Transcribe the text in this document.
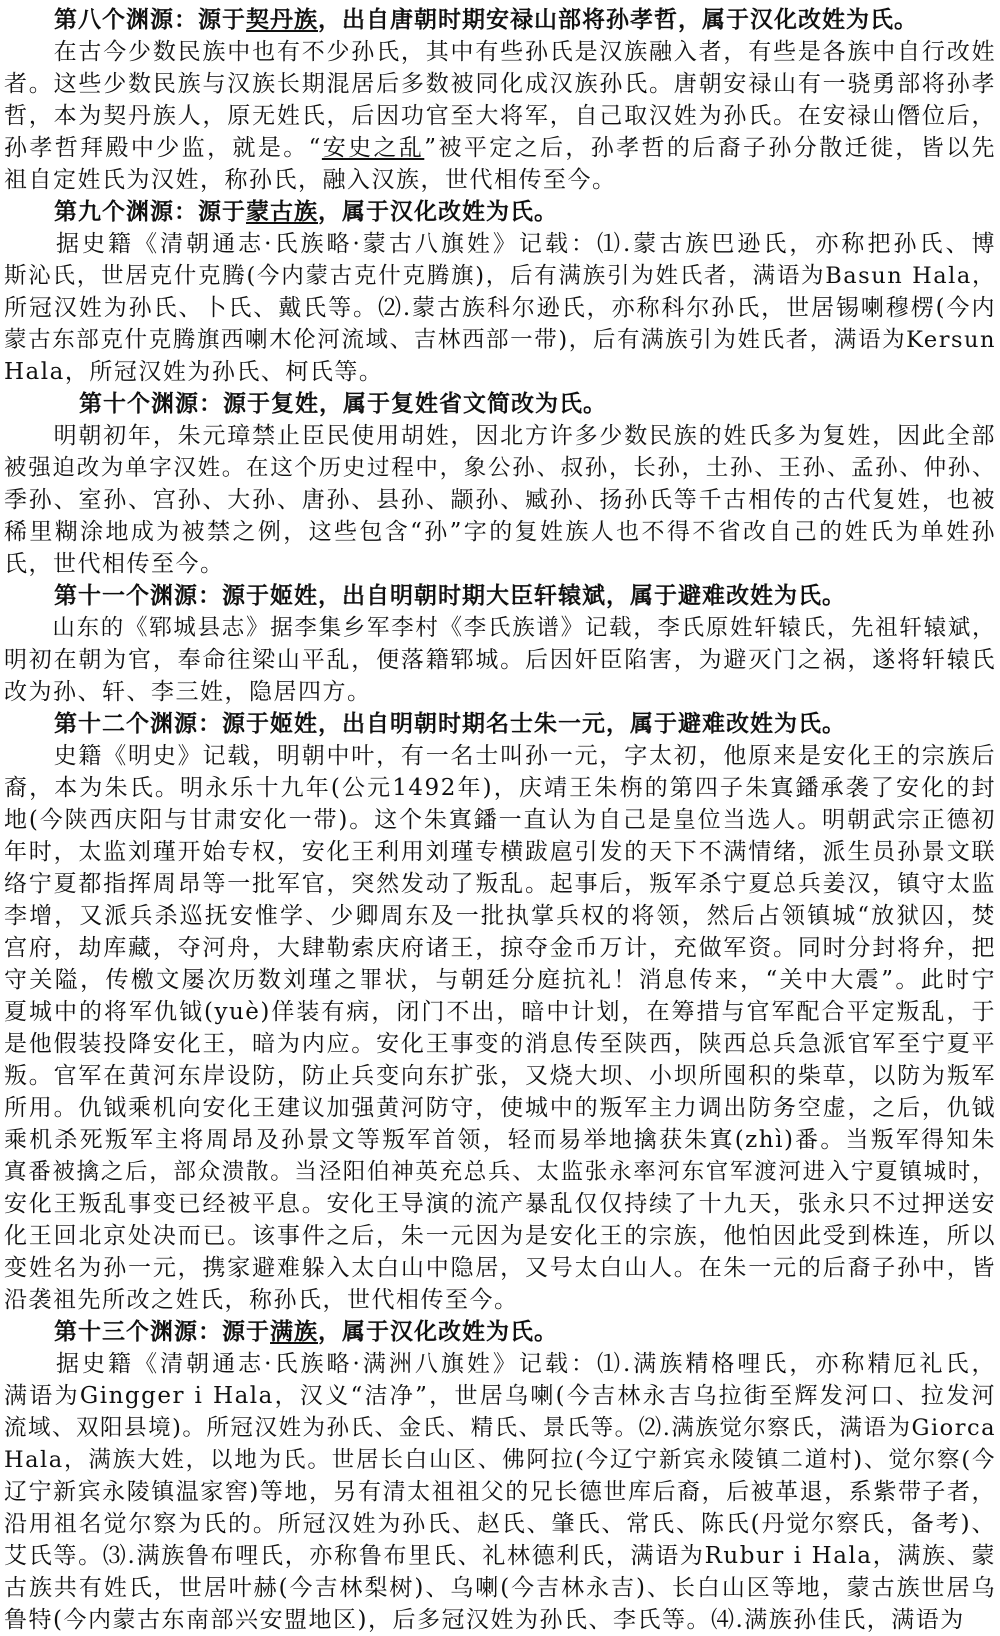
第八个渊源：源于契丹族，出自唐朝时期安禄山部将孙孝哲，属于汉化改姓为氏。
　　在古今少数民族中也有不少孙氏，其中有些孙氏是汉族融入者，有些是各族中自行改姓
者。这些少数民族与汉族长期混居后多数被同化成汉族孙氏。唐朝安禄山有一骁勇部将孙孝
哲，本为契丹族人，原无姓氏，后因功官至大将军，自己取汉姓为孙氏。在安禄山僭位后，
孙孝哲拜殿中少监，就是。“安史之乱”被平定之后，孙孝哲的后裔子孙分散迁徙，皆以先
祖自定姓氏为汉姓，称孙氏，融入汉族，世代相传至今。
第九个渊源：源于蒙古族，属于汉化改姓为氏。
　　据史籍《清朝通志·氏族略·蒙古八旗姓》记载：⑴.蒙古族巴逊氏，亦称把孙氏、博
斯沁氏，世居克什克腾(今内蒙古克什克腾旗)，后有满族引为姓氏者，满语为Basun Hala，
所冠汉姓为孙氏、卜氏、戴氏等。⑵.蒙古族科尔逊氏，亦称科尔孙氏，世居锡喇穆楞(今内
蒙古东部克什克腾旗西喇木伦河流域、吉林西部一带)，后有满族引为姓氏者，满语为Kersun
Hala，所冠汉姓为孙氏、柯氏等。
第十个渊源：源于复姓，属于复姓省文简改为氏。
　　明朝初年，朱元璋禁止臣民使用胡姓，因北方许多少数民族的姓氏多为复姓，因此全部
被强迫改为单字汉姓。在这个历史过程中，象公孙、叔孙，长孙，土孙、王孙、孟孙、仲孙、
季孙、室孙、宫孙、大孙、唐孙、县孙、颛孙、臧孙、扬孙氏等千古相传的古代复姓，也被
稀里糊涂地成为被禁之例，这些包含“孙”字的复姓族人也不得不省改自己的姓氏为单姓孙
氏，世代相传至今。
第十一个渊源：源于姬姓，出自明朝时期大臣轩辕斌，属于避难改姓为氏。
　　山东的《郓城县志》据李集乡军李村《李氏族谱》记载，李氏原姓轩辕氏，先祖轩辕斌，
明初在朝为官，奉命往梁山平乱，便落籍郓城。后因奸臣陷害，为避灭门之祸，遂将轩辕氏
改为孙、轩、李三姓，隐居四方。
第十二个渊源：源于姬姓，出自明朝时期名士朱一元，属于避难改姓为氏。
　　史籍《明史》记载，明朝中叶，有一名士叫孙一元，字太初，他原来是安化王的宗族后
裔，本为朱氏。明永乐十九年(公元1492年)，庆靖王朱栴的第四子朱寘鐇承袭了安化的封
地(今陕西庆阳与甘肃安化一带)。这个朱寘鐇一直认为自己是皇位当选人。明朝武宗正德初
年时，太监刘瑾开始专权，安化王利用刘瑾专横跋扈引发的天下不满情绪，派生员孙景文联
络宁夏都指挥周昂等一批军官，突然发动了叛乱。起事后，叛军杀宁夏总兵姜汉，镇守太监
李增，又派兵杀巡抚安惟学、少卿周东及一批执掌兵权的将领，然后占领镇城“放狱囚，焚
宫府，劫库藏，夺河舟，大肆勒索庆府诸王，掠夺金币万计，充做军资。同时分封将弁，把
守关隘，传檄文屡次历数刘瑾之罪状，与朝廷分庭抗礼！消息传来，“关中大震”。此时宁
夏城中的将军仇钺(yuè)佯装有病，闭门不出，暗中计划，在筹措与官军配合平定叛乱，于
是他假装投降安化王，暗为内应。安化王事变的消息传至陕西，陕西总兵急派官军至宁夏平
叛。官军在黄河东岸设防，防止兵变向东扩张，又烧大坝、小坝所囤积的柴草，以防为叛军
所用。仇钺乘机向安化王建议加强黄河防守，使城中的叛军主力调出防务空虚，之后，仇钺
乘机杀死叛军主将周昂及孙景文等叛军首领，轻而易举地擒获朱寘(zhì)番。当叛军得知朱
寘番被擒之后，部众溃散。当泾阳伯神英充总兵、太监张永率河东官军渡河进入宁夏镇城时，
安化王叛乱事变已经被平息。安化王导演的流产暴乱仅仅持续了十九天，张永只不过押送安
化王回北京处决而已。该事件之后，朱一元因为是安化王的宗族，他怕因此受到株连，所以
变姓名为孙一元，携家避难躲入太白山中隐居，又号太白山人。在朱一元的后裔子孙中，皆
沿袭祖先所改之姓氏，称孙氏，世代相传至今。
第十三个渊源：源于满族，属于汉化改姓为氏。
　　据史籍《清朝通志·氏族略·满洲八旗姓》记载：⑴.满族精格哩氏，亦称精厄礼氏，
满语为Gingger i Hala，汉义“洁净”，世居乌喇(今吉林永吉乌拉街至辉发河口、拉发河
流域、双阳县境)。所冠汉姓为孙氏、金氏、精氏、景氏等。⑵.满族觉尔察氏，满语为Giorca
Hala，满族大姓，以地为氏。世居长白山区、佛阿拉(今辽宁新宾永陵镇二道村)、觉尔察(今
辽宁新宾永陵镇温家窖)等地，另有清太祖祖父的兄长德世库后裔，后被革退，系紫带子者，
沿用祖名觉尔察为氏的。所冠汉姓为孙氏、赵氏、肇氏、常氏、陈氏(丹觉尔察氏，备考)、
艾氏等。⑶.满族鲁布哩氏，亦称鲁布里氏、礼林德利氏，满语为Rubur i Hala，满族、蒙
古族共有姓氏，世居叶赫(今吉林梨树)、乌喇(今吉林永吉)、长白山区等地，蒙古族世居乌
鲁特(今内蒙古东南部兴安盟地区)，后多冠汉姓为孙氏、李氏等。⑷.满族孙佳氏，满语为
